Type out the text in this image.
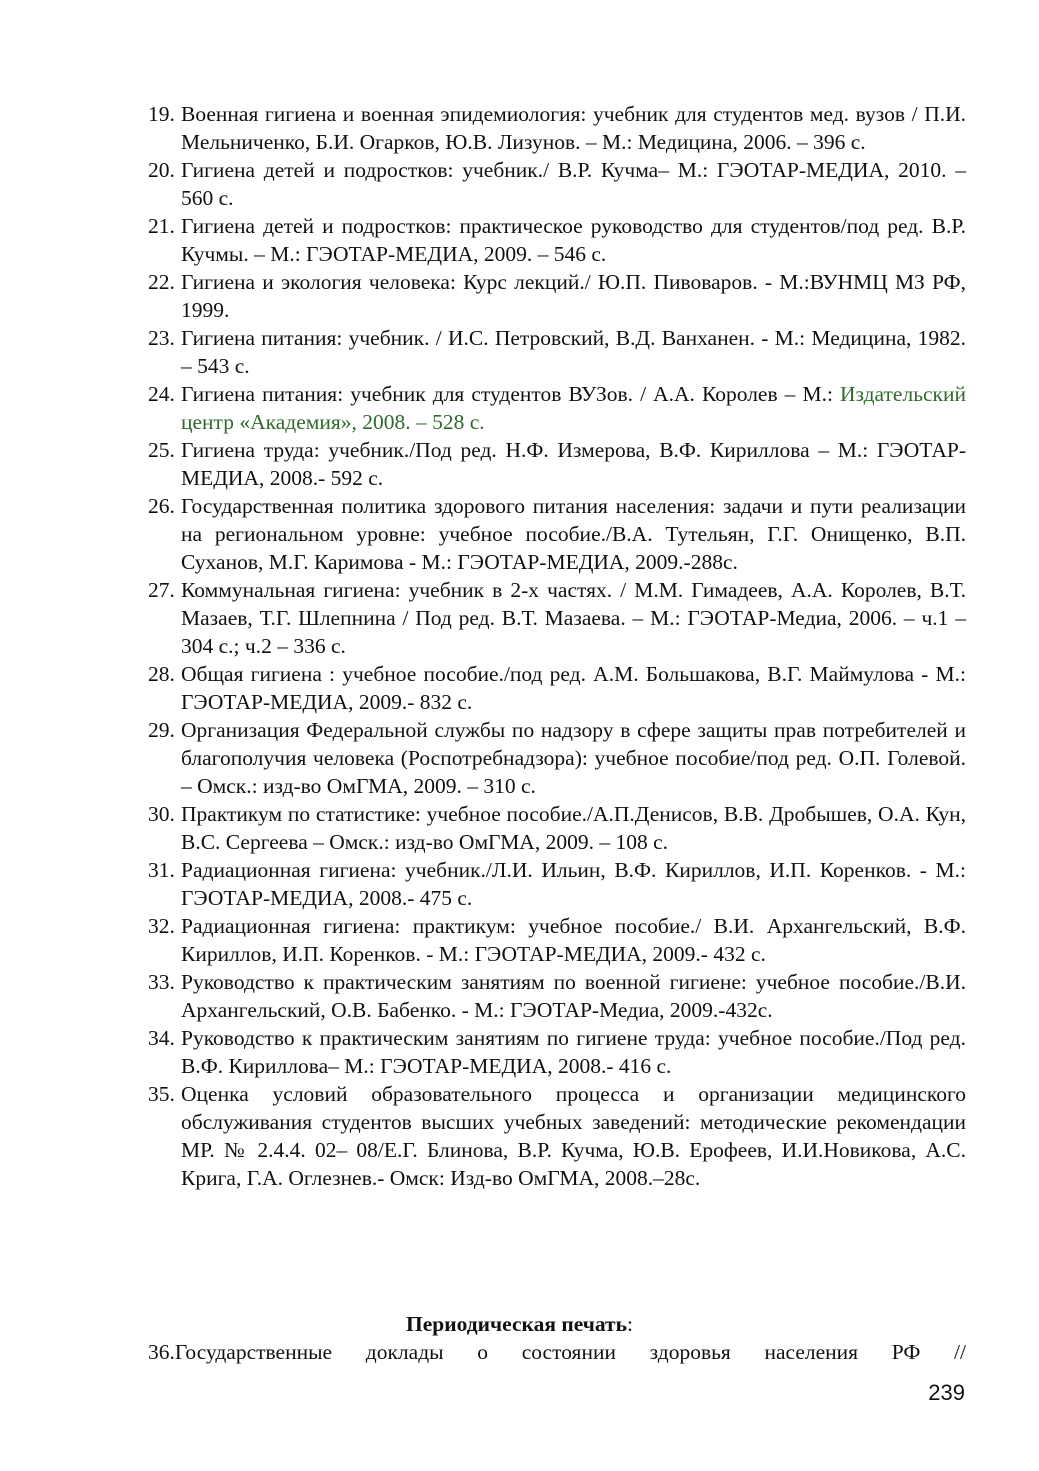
19. Военная гигиена и военная эпидемиология: учебник для студентов мед. вузов / П.И. Мельниченко, Б.И. Огарков, Ю.В. Лизунов. – М.: Медицина, 2006. – 396 с.
20. Гигиена детей и подростков: учебник./ В.Р. Кучма– М.: ГЭОТАР-МЕДИА, 2010. – 560 с.
21. Гигиена детей и подростков: практическое руководство для студентов/под ред. В.Р. Кучмы. – М.: ГЭОТАР-МЕДИА, 2009. – 546 с.
22. Гигиена и экология человека: Курс лекций./ Ю.П. Пивоваров. - М.:ВУНМЦ МЗ РФ, 1999.
23. Гигиена питания: учебник. / И.С. Петровский, В.Д. Ванханен. - М.: Медицина, 1982. – 543 с.
24. Гигиена питания: учебник для студентов ВУЗов. / А.А. Королев – М.: Издательский центр «Академия», 2008. – 528 с.
25. Гигиена труда: учебник./Под ред. Н.Ф. Измерова, В.Ф. Кириллова – М.: ГЭОТАР-МЕДИА, 2008.- 592 с.
26. Государственная политика здорового питания населения: задачи и пути реализации на региональном уровне: учебное пособие./В.А. Тутельян, Г.Г. Онищенко, В.П. Суханов, М.Г. Каримова - М.: ГЭОТАР-МЕДИА, 2009.-288с.
27. Коммунальная гигиена: учебник в 2-х частях. / М.М. Гимадеев, А.А. Королев, В.Т. Мазаев, Т.Г. Шлепнина / Под ред. В.Т. Мазаева. – М.: ГЭОТАР-Медиа, 2006. – ч.1 – 304 с.; ч.2 – 336 с.
28. Общая гигиена : учебное пособие./под ред. А.М. Большакова, В.Г. Маймулова - М.: ГЭОТАР-МЕДИА, 2009.- 832 с.
29. Организация Федеральной службы по надзору в сфере защиты прав потребителей и благополучия человека (Роспотребнадзора): учебное пособие/под ред. О.П. Голевой. – Омск.: изд-во ОмГМА, 2009. – 310 с.
30. Практикум по статистике: учебное пособие./А.П.Денисов, В.В. Дробышев, О.А. Кун, В.С. Сергеева – Омск.: изд-во ОмГМА, 2009. – 108 с.
31. Радиационная гигиена: учебник./Л.И. Ильин, В.Ф. Кириллов, И.П. Коренков. - М.: ГЭОТАР-МЕДИА, 2008.- 475 с.
32. Радиационная гигиена: практикум: учебное пособие./ В.И. Архангельский, В.Ф. Кириллов, И.П. Коренков. - М.: ГЭОТАР-МЕДИА, 2009.- 432 с.
33. Руководство к практическим занятиям по военной гигиене: учебное пособие./В.И. Архангельский, О.В. Бабенко. - М.: ГЭОТАР-Медиа, 2009.-432с.
34. Руководство к практическим занятиям по гигиене труда: учебное пособие./Под ред. В.Ф. Кириллова– М.: ГЭОТАР-МЕДИА, 2008.- 416 с.
35. Оценка условий образовательного процесса и организации медицинского обслуживания студентов высших учебных заведений: методические рекомендации МР. № 2.4.4. 02– 08/Е.Г. Блинова, В.Р. Кучма, Ю.В. Ерофеев, И.И.Новикова, А.С. Крига, Г.А. Оглезнев.- Омск: Изд-во ОмГМА, 2008.–28с.
Периодическая печать:
36.Государственные доклады о состоянии здоровья населения РФ //
239
